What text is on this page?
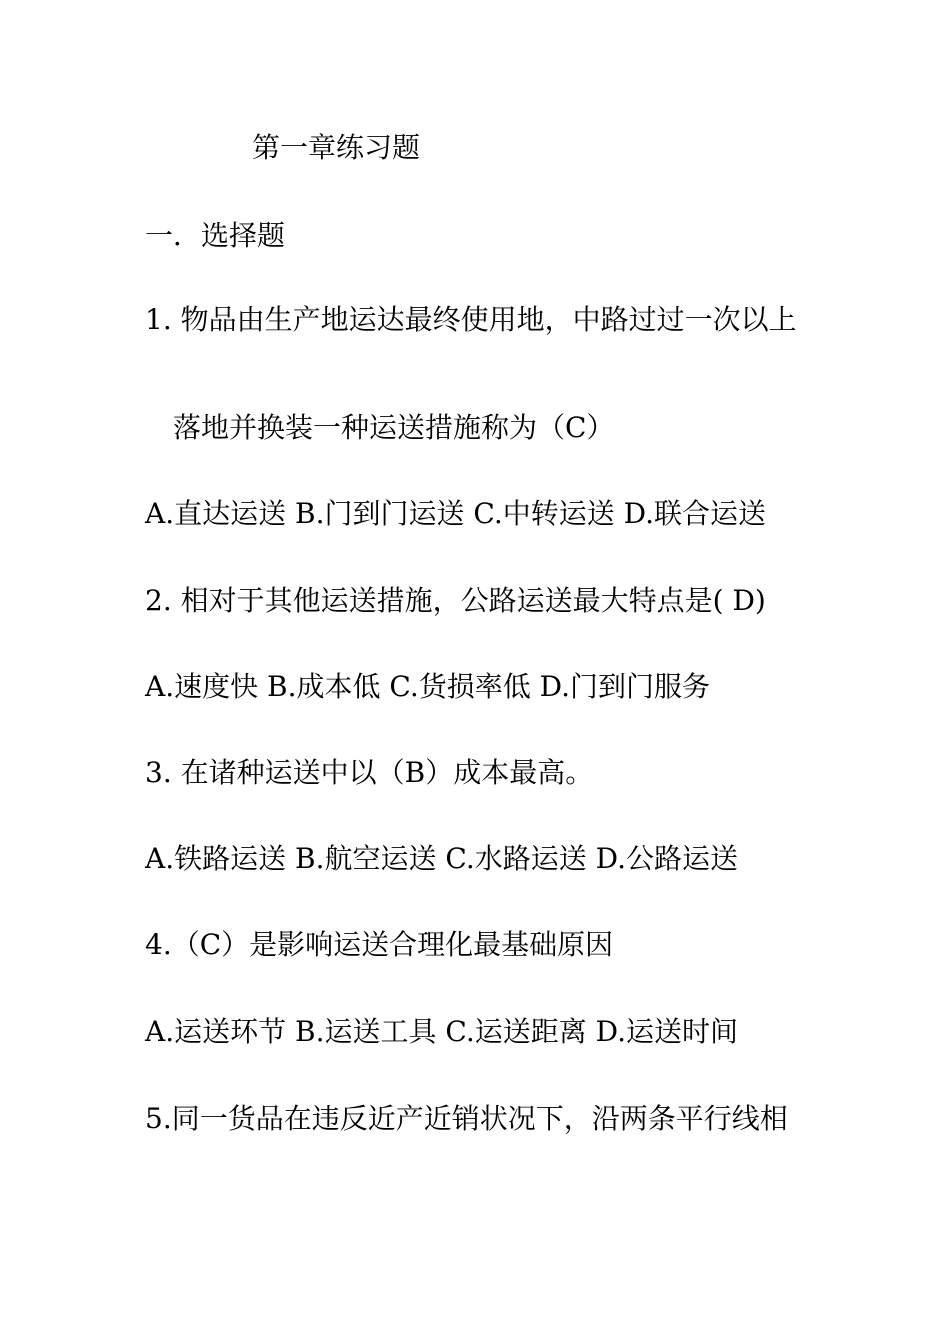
第一章练习题
一．选择题
1. 物品由生产地运达最终使用地，中路过过一次以上
落地并换装一种运送措施称为（C）
A.直达运送 B.门到门运送 C.中转运送 D.联合运送
2. 相对于其他运送措施，公路运送最大特点是( D)
A.速度快 B.成本低 C.货损率低 D.门到门服务
3. 在诸种运送中以（B）成本最高。
A.铁路运送 B.航空运送 C.水路运送 D.公路运送
4.（C）是影响运送合理化最基础原因
A.运送环节 B.运送工具 C.运送距离 D.运送时间
5.同一货品在违反近产近销状况下，沿两条平行线相
